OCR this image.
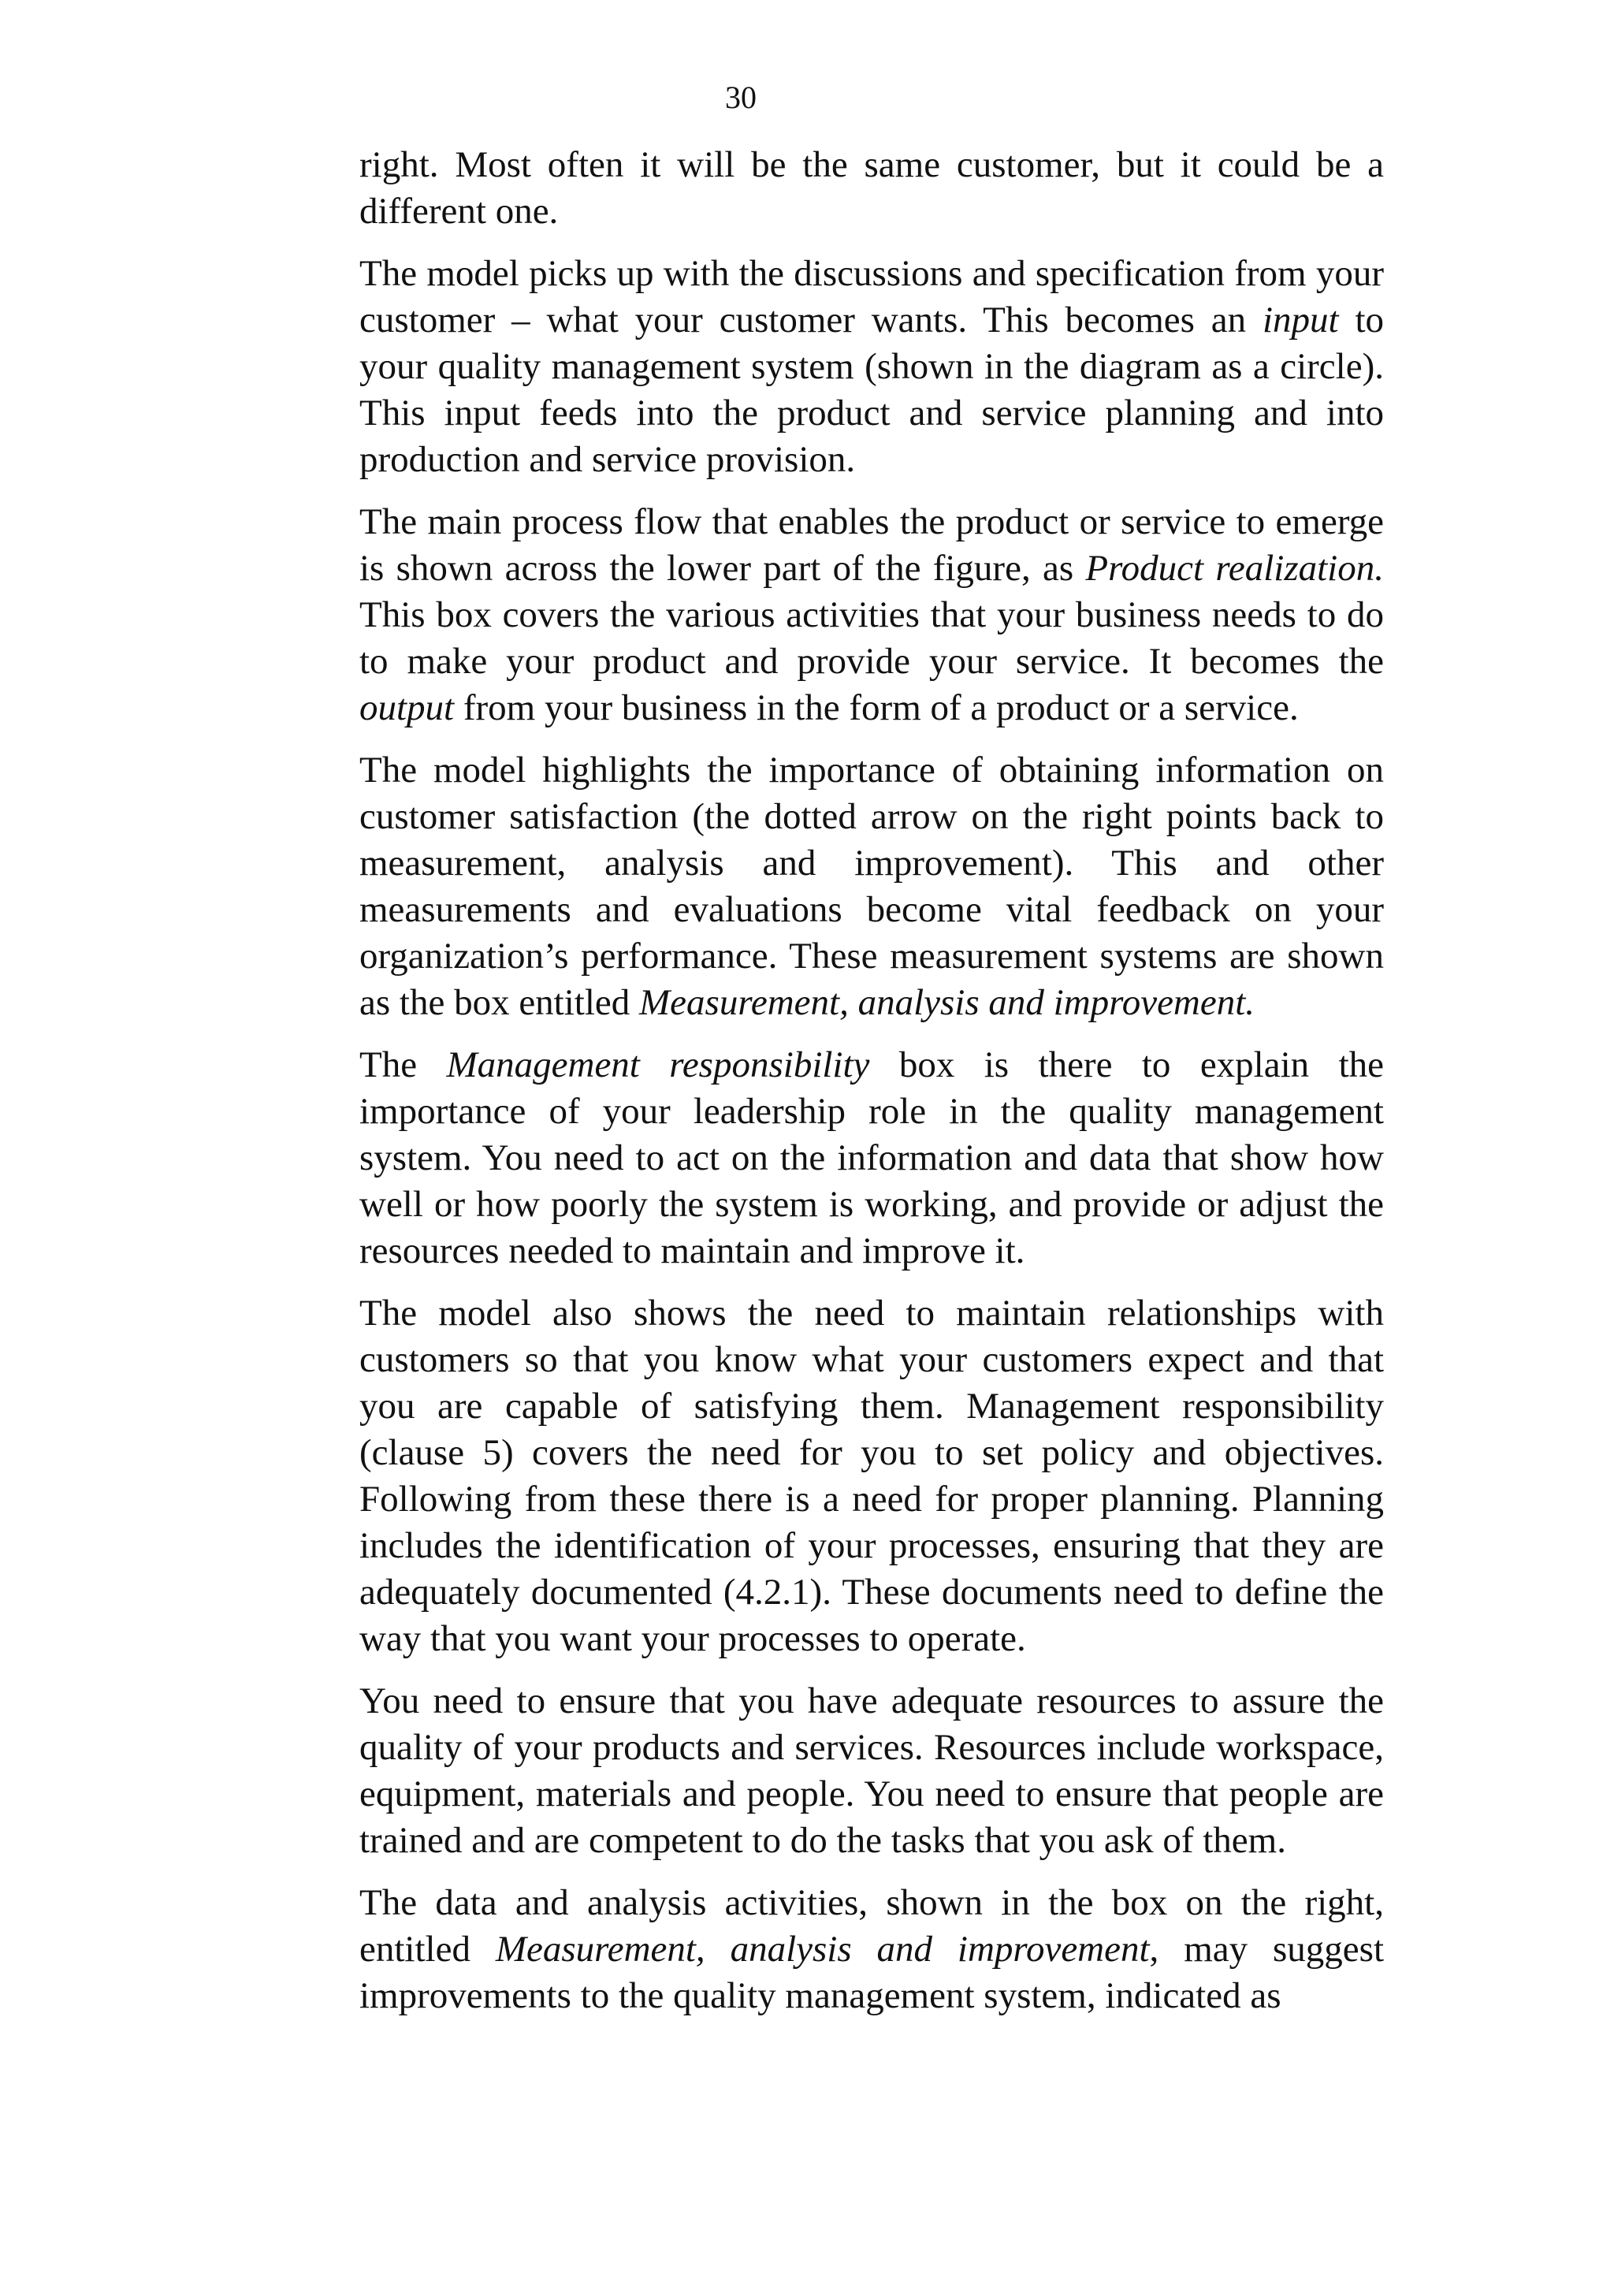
30

right. Most often it will be the same customer, but it could be a different one.

The model picks up with the discussions and specification from your customer – what your customer wants. This becomes an input to your quality management system (shown in the diagram as a circle). This input feeds into the product and service planning and into production and service provision.

The main process flow that enables the product or service to emerge is shown across the lower part of the figure, as Product realization. This box covers the various activities that your business needs to do to make your product and provide your service. It becomes the output from your business in the form of a product or a service.

The model highlights the importance of obtaining information on customer satisfaction (the dotted arrow on the right points back to measurement, analysis and improvement). This and other measurements and evaluations become vital feedback on your organization’s performance. These measurement systems are shown as the box entitled Measurement, analysis and improvement.

The Management responsibility box is there to explain the importance of your leadership role in the quality management system. You need to act on the information and data that show how well or how poorly the system is working, and provide or adjust the resources needed to maintain and improve it.

The model also shows the need to maintain relationships with customers so that you know what your customers expect and that you are capable of satisfying them. Management responsibility (clause 5) covers the need for you to set policy and objectives. Following from these there is a need for proper planning. Planning includes the identification of your processes, ensuring that they are adequately documented (4.2.1). These documents need to define the way that you want your processes to operate.

You need to ensure that you have adequate resources to assure the quality of your products and services. Resources include workspace, equipment, materials and people. You need to ensure that people are trained and are competent to do the tasks that you ask of them.

The data and analysis activities, shown in the box on the right, entitled Measurement, analysis and improvement, may suggest improvements to the quality management system, indicated as
